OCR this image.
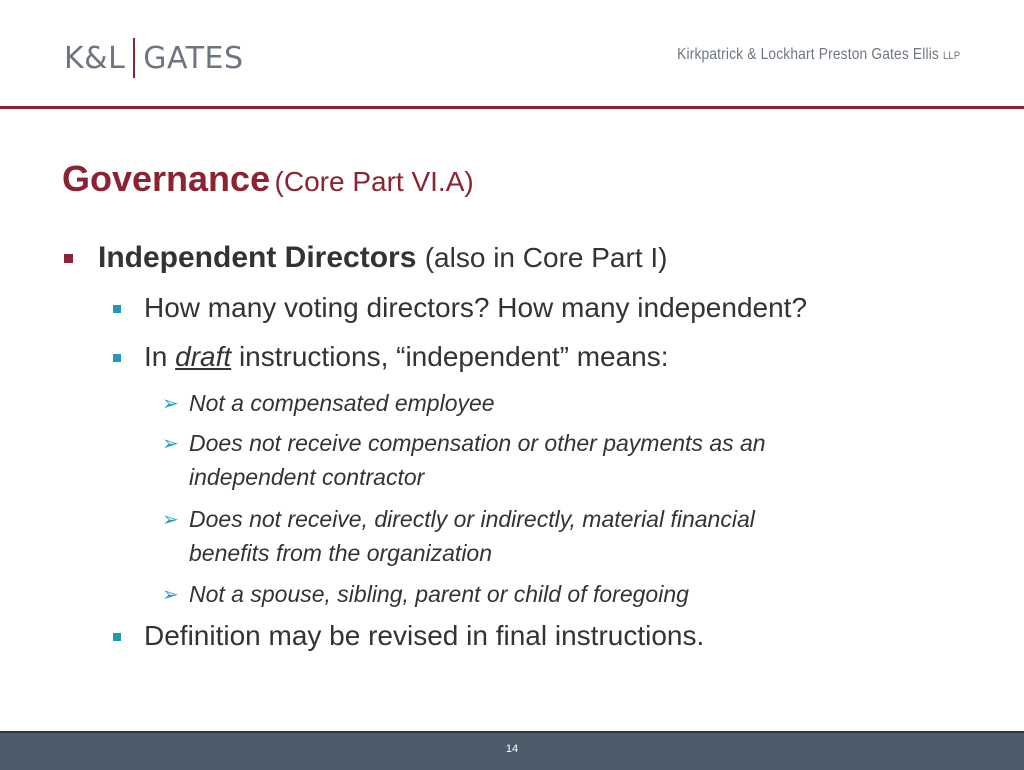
K&L GATES	Kirkpatrick & Lockhart Preston Gates Ellis LLP
Governance (Core Part VI.A)
Independent Directors (also in Core Part I)
How many voting directors? How many independent?
In draft instructions, “independent” means:
➢ Not a compensated employee
➢ Does not receive compensation or other payments as an
independent contractor
➢ Does not receive, directly or indirectly, material financial
benefits from the organization
➢ Not a spouse, sibling, parent or child of foregoing
Definition may be revised in final instructions.
14
